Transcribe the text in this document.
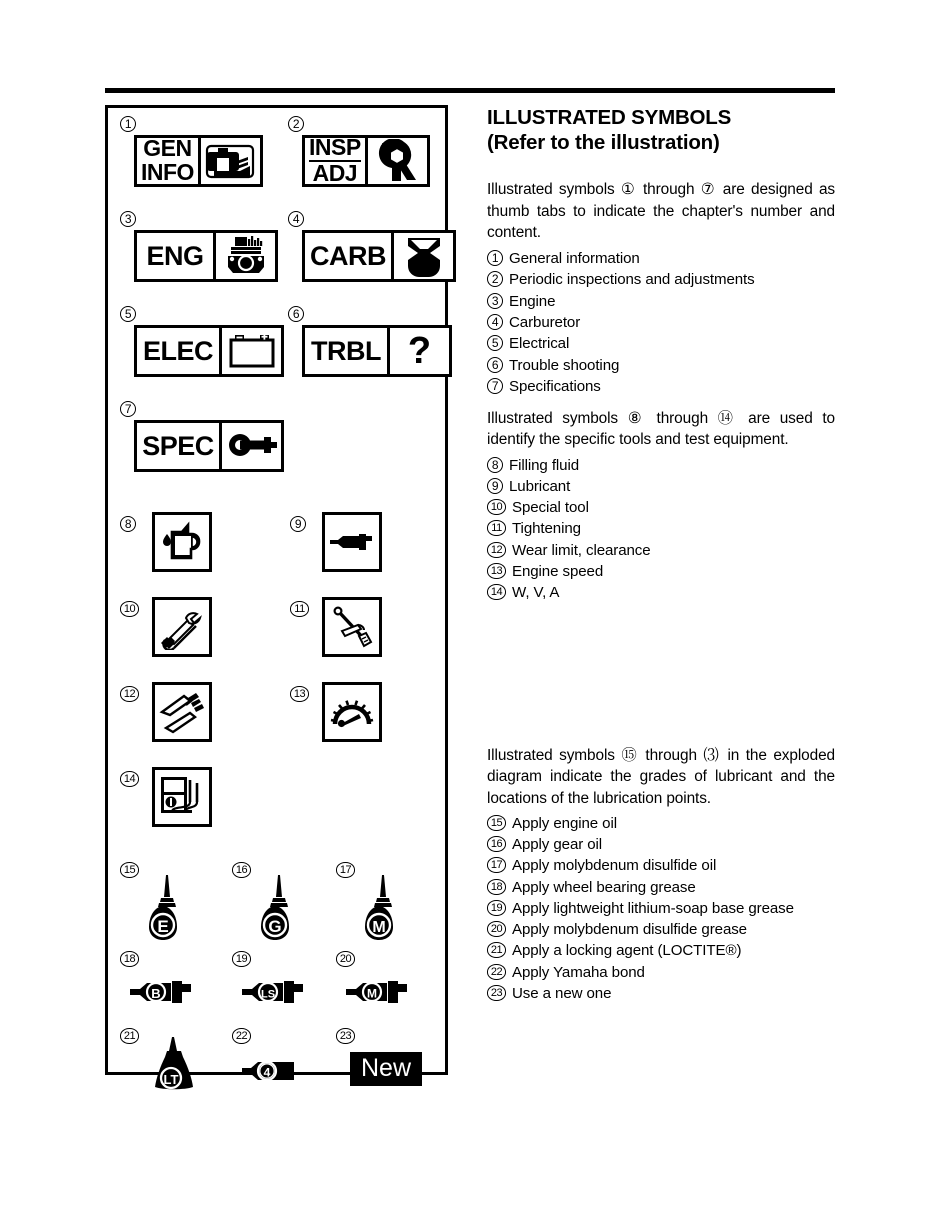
1
GEN
INFO
2
$\frac{\text{INSP}}{\text{ADJ}}$
3
ENG
4
CARB
5
ELEC
6
TRBL ?
7
SPEC
8	9
10	11
12	13
14
15
E
16
G
17
M
18
B
19
LS
20
M
21
LT
22
4
23
New
ILLUSTRATED SYMBOLS
(Refer to the illustration)

Illustrated symbols ① through ⑦ are designed as thumb tabs to indicate the chapter's number and content.

1 General information
2 Periodic inspections and adjustments
3 Engine
4 Carburetor
5 Electrical
6 Trouble shooting
7 Specifications

Illustrated symbols ⑧ through ⑭ are used to identify the specific tools and test equipment.

8 Filling fluid
9 Lubricant
10 Special tool
11 Tightening
12 Wear limit, clearance
13 Engine speed
14 W, V, A

Illustrated symbols ⑮ through ⑶ in the exploded diagram indicate the grades of lubricant and the locations of the lubrication points.

15 Apply engine oil
16 Apply gear oil
17 Apply molybdenum disulfide oil
18 Apply wheel bearing grease
19 Apply lightweight lithium-soap base grease
20 Apply molybdenum disulfide grease
21 Apply a locking agent (LOCTITE®)
22 Apply Yamaha bond
23 Use a new one
